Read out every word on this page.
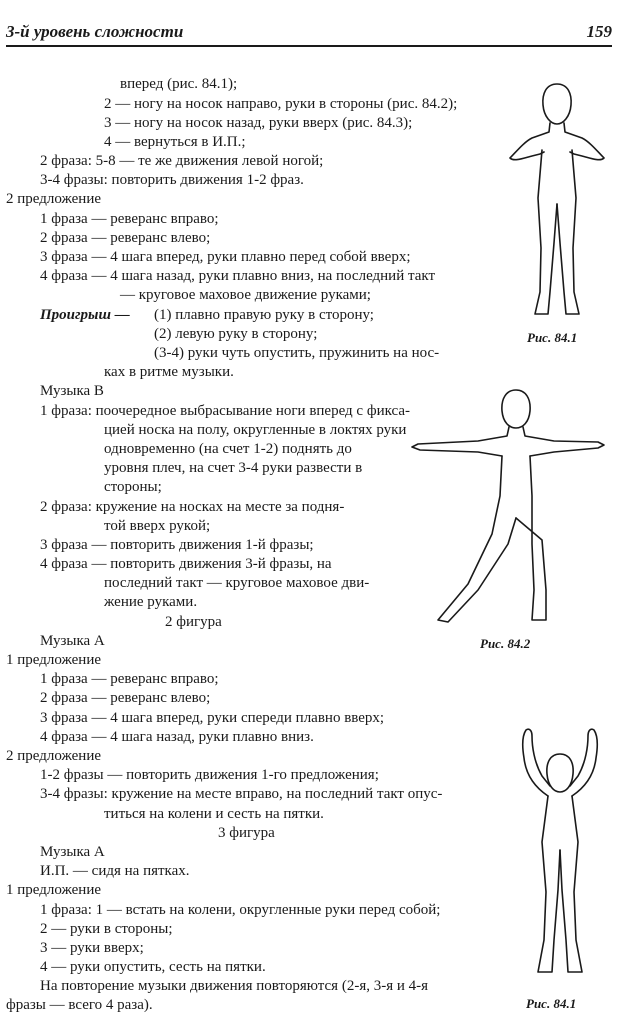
3-й уровень сложности	159
вперед (рис. 84.1);
2 — ногу на носок направо, руки в стороны (рис. 84.2);
3 — ногу на носок назад, руки вверх (рис. 84.3);
4 — вернуться в И.П.;
2 фраза: 5-8 — те же движения левой ногой;
3-4 фразы: повторить движения 1-2 фраз.
2 предложение
1 фраза — реверанс вправо;
2 фраза — реверанс влево;
3 фраза — 4 шага вперед, руки плавно перед собой вверх;
4 фраза — 4 шага назад, руки плавно вниз, на последний такт
— круговое маховое движение руками;
Проигрыш — (1) плавно правую руку в сторону;
(2) левую руку в сторону;
(3-4) руки чуть опустить, пружинить на нос-
ках в ритме музыки.
Музыка В
1 фраза: поочередное выбрасывание ноги вперед с фикса-
цией носка на полу, округленные в локтях руки
одновременно (на счет 1-2) поднять до
уровня плеч, на счет 3-4 руки развести в
стороны;
2 фраза: кружение на носках на месте за подня-
той вверх рукой;
3 фраза — повторить движения 1-й фразы;
4 фраза — повторить движения 3-й фразы, на
последний такт — круговое маховое дви-
жение руками.
2 фигура
Музыка А
1 предложение
1 фраза — реверанс вправо;
2 фраза — реверанс влево;
3 фраза — 4 шага вперед, руки спереди плавно вверх;
4 фраза — 4 шага назад, руки плавно вниз.
2 предложение
1-2 фразы — повторить движения 1-го предложения;
3-4 фразы: кружение на месте вправо, на последний такт опус-
титься на колени и сесть на пятки.
3 фигура
Музыка А
И.П. — сидя на пятках.
1 предложение
1 фраза: 1 — встать на колени, округленные руки перед собой;
2 — руки в стороны;
3 — руки вверх;
4 — руки опустить, сесть на пятки.
На повторение музыки движения повторяются (2-я, 3-я и 4-я
фразы — всего 4 раза).
Рис. 84.1
Рис. 84.2
Рис. 84.1
